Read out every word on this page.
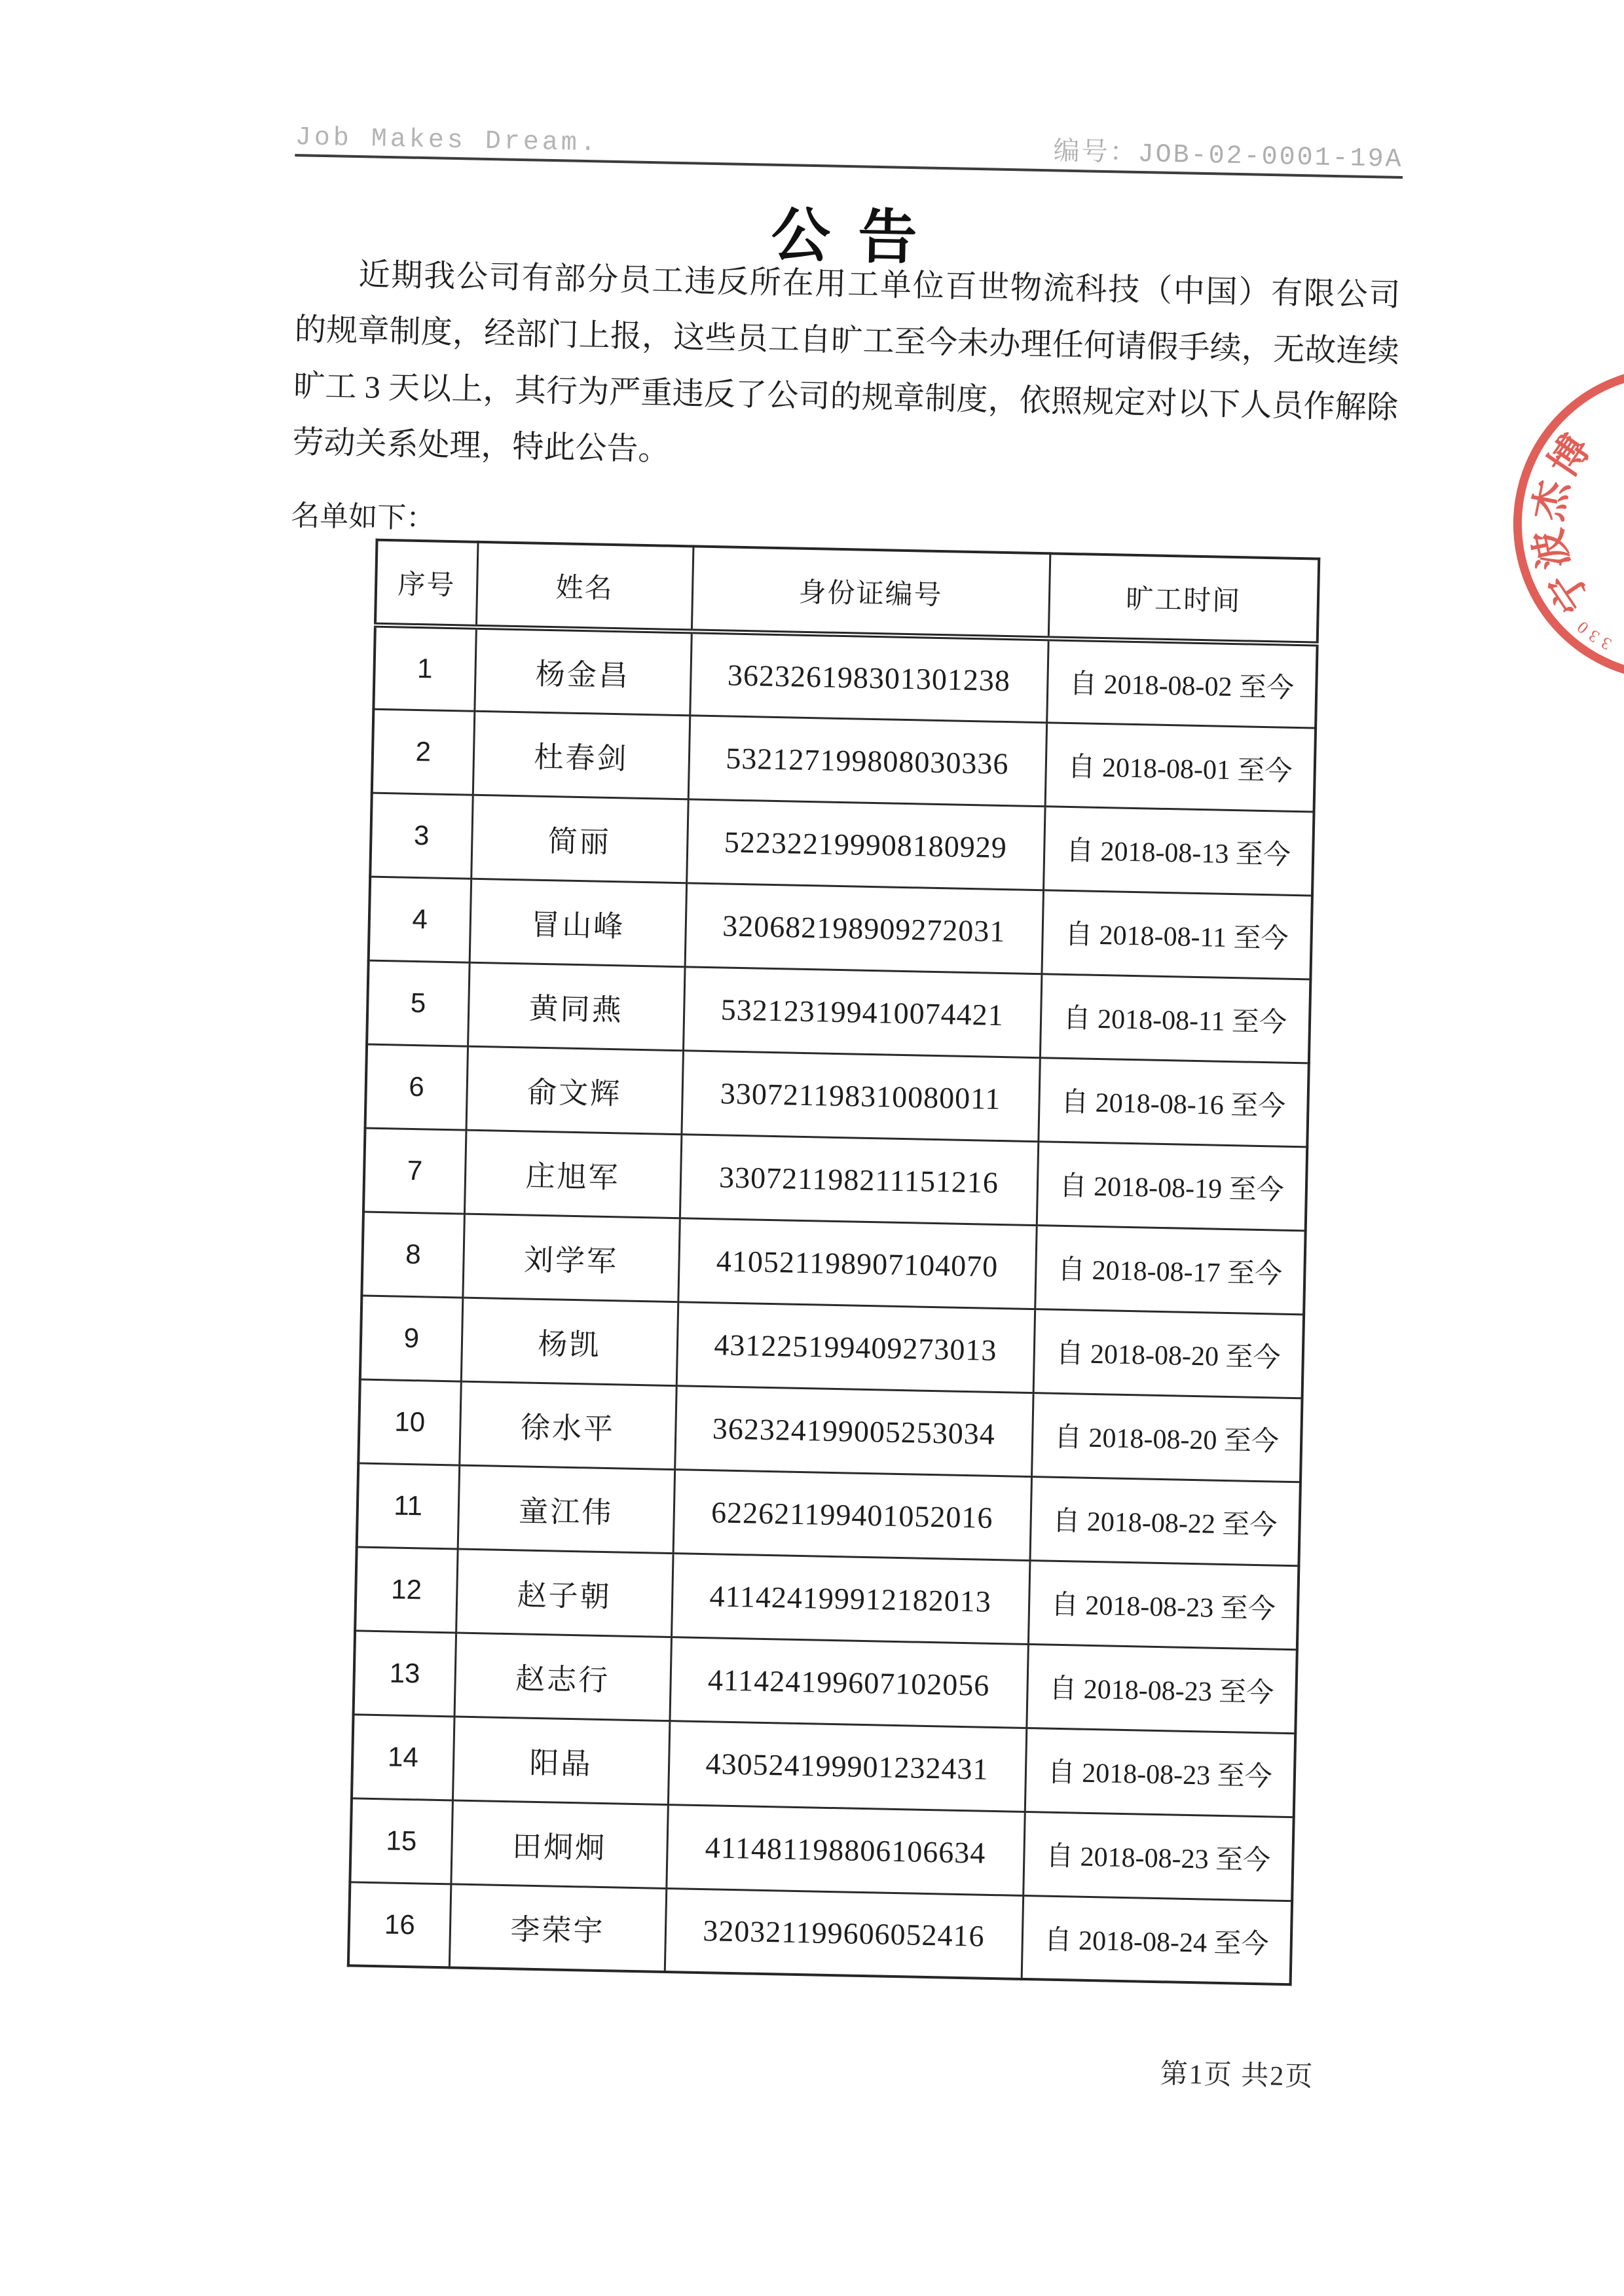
Job Makes Dream.	编号：JOB-02-0001-19A
公 告
近期我公司有部分员工违反所在用工单位百世物流科技（中国）有限公司
的规章制度，经部门上报，这些员工自旷工至今未办理任何请假手续，无故连续
旷工 3 天以上，其行为严重违反了公司的规章制度，依照规定对以下人员作解除
劳动关系处理，特此公告。
名单如下：
序号	姓名	身份证编号	旷工时间
1	杨金昌	362326198301301238	自 2018-08-02 至今
2	杜春剑	532127199808030336	自 2018-08-01 至今
3	简丽	522322199908180929	自 2018-08-13 至今
4	冒山峰	320682198909272031	自 2018-08-11 至今
5	黄同燕	532123199410074421	自 2018-08-11 至今
6	俞文辉	330721198310080011	自 2018-08-16 至今
7	庄旭军	330721198211151216	自 2018-08-19 至今
8	刘学军	410521198907104070	自 2018-08-17 至今
9	杨凯	431225199409273013	自 2018-08-20 至今
10	徐水平	362324199005253034	自 2018-08-20 至今
11	童江伟	622621199401052016	自 2018-08-22 至今
12	赵子朝	411424199912182013	自 2018-08-23 至今
13	赵志行	411424199607102056	自 2018-08-23 至今
14	阳晶	430524199901232431	自 2018-08-23 至今
15	田炯炯	411481198806106634	自 2018-08-23 至今
16	李荣宇	320321199606052416	自 2018-08-24 至今
第1页 共2页
宁
波
杰
博
3
3
0
